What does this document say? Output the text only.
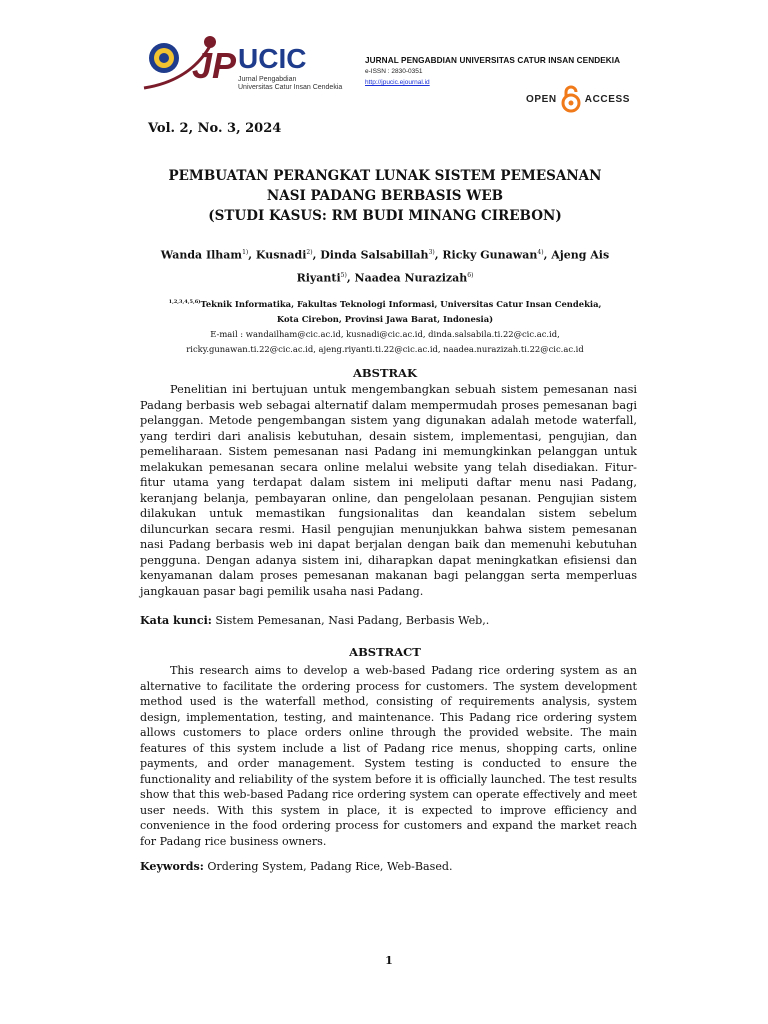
JP UCIC
Jurnal Pengabdian
Universitas Catur Insan Cendekia
JURNAL PENGABDIAN UNIVERSITAS CATUR INSAN CENDEKIA
e-ISSN : 2830-0351
http://jpucic.ejournal.id
OPEN	ACCESS
Vol. 2, No. 3, 2024
PEMBUATAN PERANGKAT LUNAK SISTEM PEMESANAN
NASI PADANG BERBASIS WEB
(STUDI KASUS: RM BUDI MINANG CIREBON)
Wanda Ilham$^{1)}$, Kusnadi$^{2)}$, Dinda Salsabillah$^{3)}$, Ricky Gunawan$^{4)}$, Ajeng Ais Riyanti$^{5)}$, Naadea Nurazizah$^{6)}$
$^{1,2,3,4,5,6)}$Teknik Informatika, Fakultas Teknologi Informasi, Universitas Catur Insan Cendekia,
Kota Cirebon, Provinsi Jawa Barat, Indonesia)
E-mail : wandailham@cic.ac.id, kusnadi@cic.ac.id, dinda.salsabila.ti.22@cic.ac.id,
ricky.gunawan.ti.22@cic.ac.id, ajeng.riyanti.ti.22@cic.ac.id, naadea.nurazizah.ti.22@cic.ac.id
ABSTRAK
Penelitian ini bertujuan untuk mengembangkan sebuah sistem pemesanan nasi Padang berbasis web sebagai alternatif dalam mempermudah proses pemesanan bagi pelanggan. Metode pengembangan sistem yang digunakan adalah metode waterfall, yang terdiri dari analisis kebutuhan, desain sistem, implementasi, pengujian, dan pemeliharaan. Sistem pemesanan nasi Padang ini memungkinkan pelanggan untuk melakukan pemesanan secara online melalui website yang telah disediakan. Fitur-fitur utama yang terdapat dalam sistem ini meliputi daftar menu nasi Padang, keranjang belanja, pembayaran online, dan pengelolaan pesanan. Pengujian sistem dilakukan untuk memastikan fungsionalitas dan keandalan sistem sebelum diluncurkan secara resmi. Hasil pengujian menunjukkan bahwa sistem pemesanan nasi Padang berbasis web ini dapat berjalan dengan baik dan memenuhi kebutuhan pengguna. Dengan adanya sistem ini, diharapkan dapat meningkatkan efisiensi dan kenyamanan dalam proses pemesanan makanan bagi pelanggan serta memperluas jangkauan pasar bagi pemilik usaha nasi Padang.
Kata kunci: Sistem Pemesanan, Nasi Padang, Berbasis Web,.
ABSTRACT
This research aims to develop a web-based Padang rice ordering system as an alternative to facilitate the ordering process for customers. The system development method used is the waterfall method, consisting of requirements analysis, system design, implementation, testing, and maintenance. This Padang rice ordering system allows customers to place orders online through the provided website. The main features of this system include a list of Padang rice menus, shopping carts, online payments, and order management. System testing is conducted to ensure the functionality and reliability of the system before it is officially launched. The test results show that this web-based Padang rice ordering system can operate effectively and meet user needs. With this system in place, it is expected to improve efficiency and convenience in the food ordering process for customers and expand the market reach for Padang rice business owners.
Keywords: Ordering System, Padang Rice, Web-Based.
1
